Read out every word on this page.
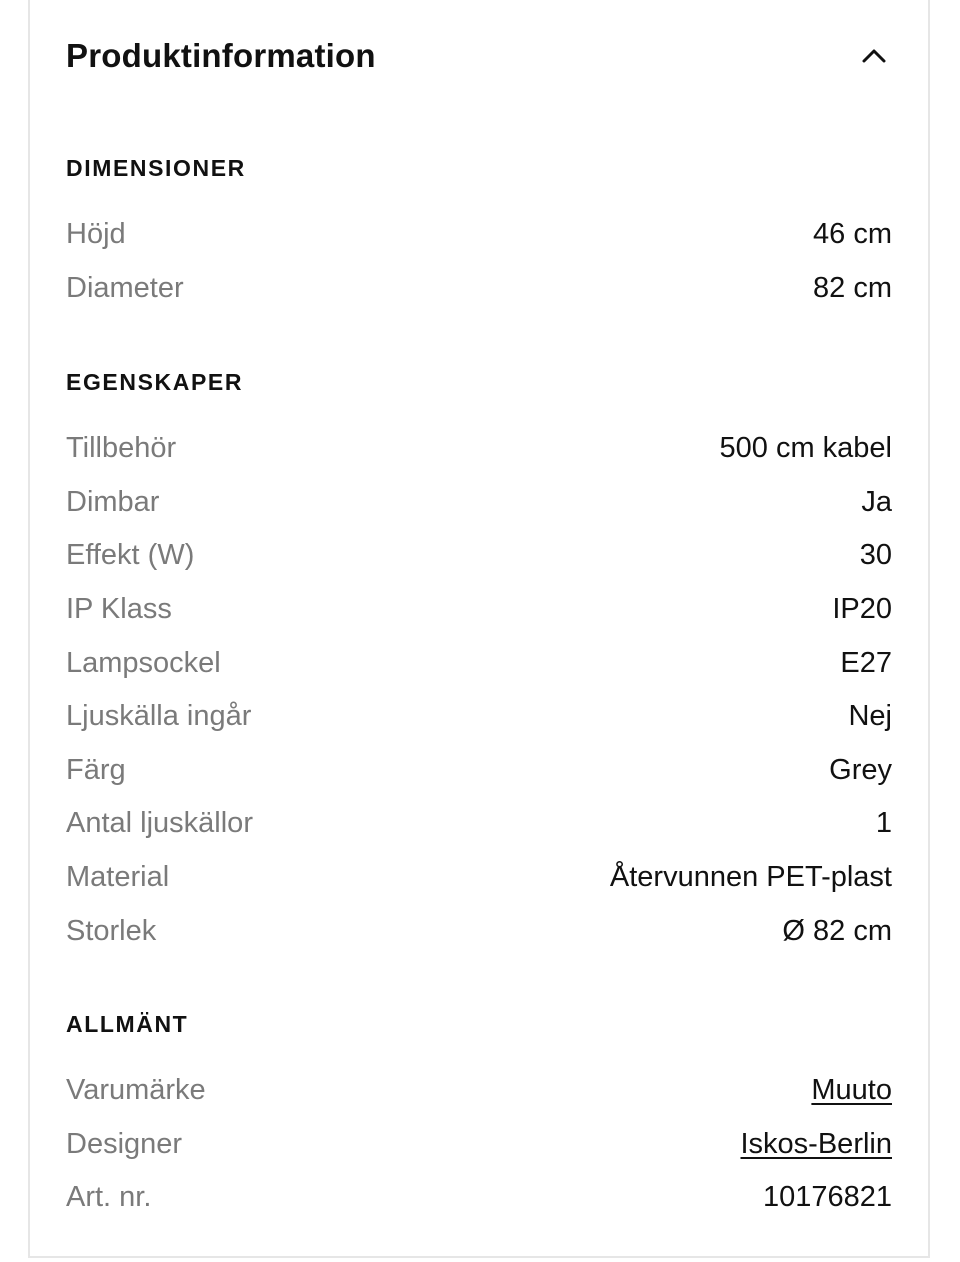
Produktinformation
DIMENSIONER
Höjd	46 cm
Diameter	82 cm
EGENSKAPER
Tillbehör	500 cm kabel
Dimbar	Ja
Effekt (W)	30
IP Klass	IP20
Lampsockel	E27
Ljuskälla ingår	Nej
Färg	Grey
Antal ljuskällor	1
Material	Återvunnen PET-plast
Storlek	Ø 82 cm
ALLMÄNT
Varumärke	Muuto
Designer	Iskos-Berlin
Art. nr.	10176821
